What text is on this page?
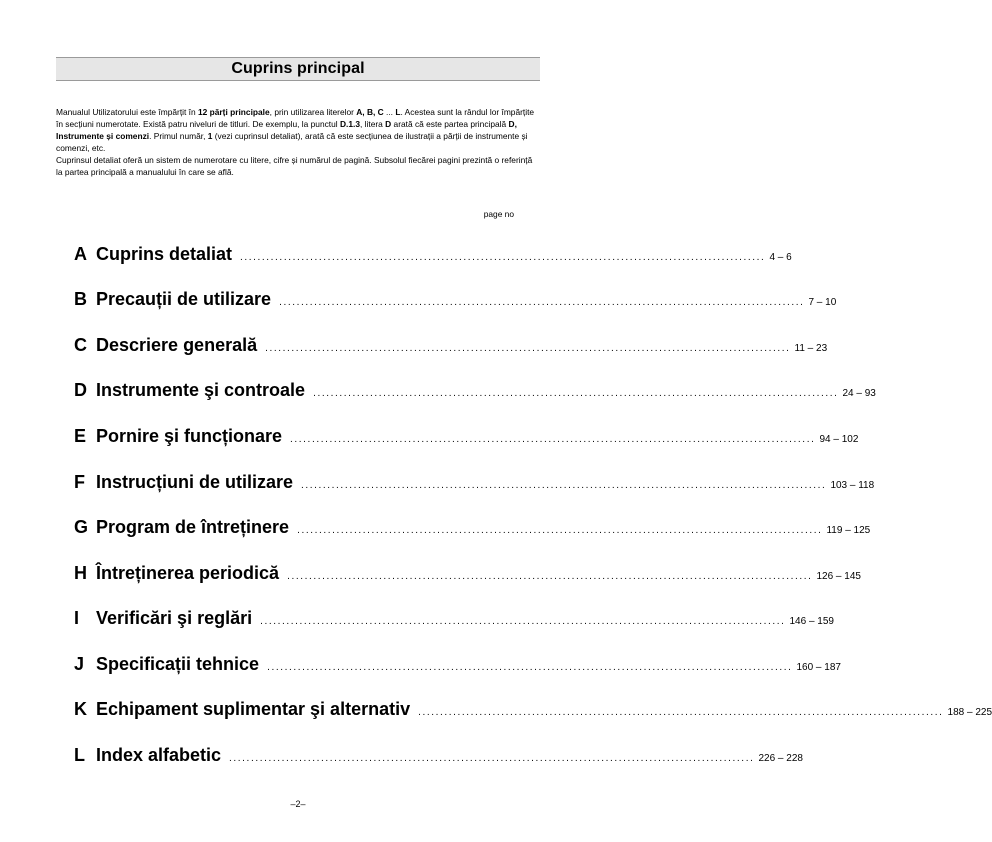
Cuprins principal

Manualul Utilizatorului este împărțit în 12 părți principale, prin utilizarea literelor A, B, C ... L. Acestea sunt la rândul lor împărțite în secțiuni numerotate. Există patru niveluri de titluri. De exemplu, la punctul D.1.3, litera D arată că este partea principală D, Instrumente și comenzi. Primul număr, 1 (vezi cuprinsul detaliat), arată că este secțiunea de ilustrații a părții de instrumente și comenzi, etc.

Cuprinsul detaliat oferă un sistem de numerotare cu litere, cifre și numărul de pagină. Subsolul fiecărei pagini prezintă o referință la partea principală a manualului în care se află.

page no
A Cuprins detaliat ........................................................................................................................ 4 – 6
B Precauții de utilizare ........................................................................................................................ 7 – 10
C Descriere generală ........................................................................................................................ 11 – 23
D Instrumente şi controale ........................................................................................................................ 24 – 93
E Pornire şi funcționare ........................................................................................................................ 94 – 102
F Instrucțiuni de utilizare ........................................................................................................................ 103 – 118
G Program de întreținere ........................................................................................................................ 119 – 125
H Întreținerea periodică ........................................................................................................................ 126 – 145
I Verificări şi reglări ........................................................................................................................ 146 – 159
J Specificații tehnice ........................................................................................................................ 160 – 187
K Echipament suplimentar şi alternativ ........................................................................................................................ 188 – 225
L Index alfabetic ........................................................................................................................ 226 – 228
–2–
